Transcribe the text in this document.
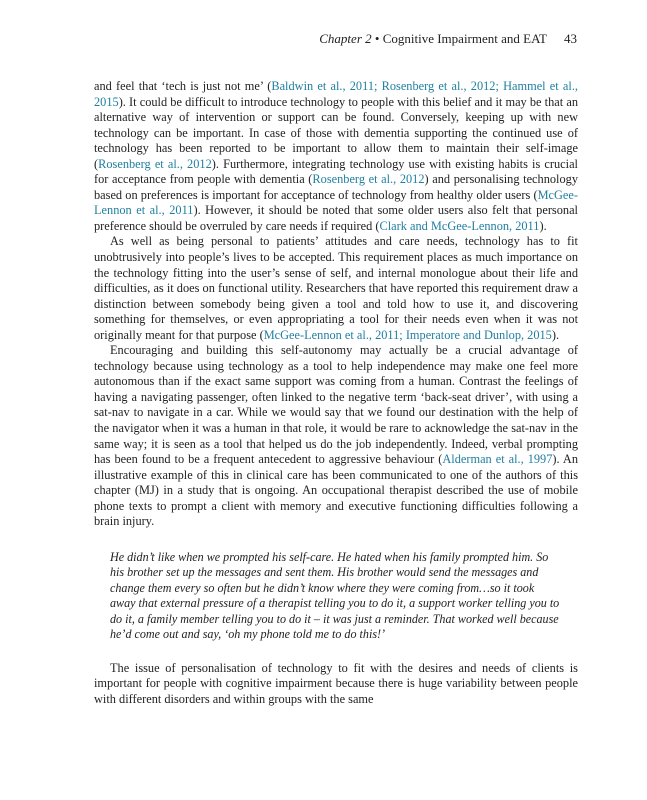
Chapter 2 • Cognitive Impairment and EAT 43

and feel that ‘tech is just not me’ (Baldwin et al., 2011; Rosenberg et al., 2012; Hammel et al., 2015). It could be difficult to introduce technology to people with this belief and it may be that an alternative way of intervention or support can be found. Conversely, keeping up with new technology can be important. In case of those with dementia supporting the continued use of technology has been reported to be important to allow them to maintain their self-image (Rosenberg et al., 2012). Furthermore, integrating technology use with existing habits is crucial for acceptance from people with dementia (Rosenberg et al., 2012) and personalising technology based on preferences is important for acceptance of technology from healthy older users (McGee-Lennon et al., 2011). However, it should be noted that some older users also felt that personal preference should be overruled by care needs if required (Clark and McGee-Lennon, 2011).

As well as being personal to patients’ attitudes and care needs, technology has to fit unobtrusively into people’s lives to be accepted. This requirement places as much importance on the technology fitting into the user’s sense of self, and internal monologue about their life and difficulties, as it does on functional utility. Researchers that have reported this requirement draw a distinction between somebody being given a tool and told how to use it, and discovering something for themselves, or even appropriating a tool for their needs even when it was not originally meant for that purpose (McGee-Lennon et al., 2011; Imperatore and Dunlop, 2015).

Encouraging and building this self-autonomy may actually be a crucial advantage of technology because using technology as a tool to help independence may make one feel more autonomous than if the exact same support was coming from a human. Contrast the feelings of having a navigating passenger, often linked to the negative term ‘back-seat driver’, with using a sat-nav to navigate in a car. While we would say that we found our destination with the help of the navigator when it was a human in that role, it would be rare to acknowledge the sat-nav in the same way; it is seen as a tool that helped us do the job independently. Indeed, verbal prompting has been found to be a frequent antecedent to aggressive behaviour (Alderman et al., 1997). An illustrative example of this in clinical care has been communicated to one of the authors of this chapter (MJ) in a study that is ongoing. An occupational therapist described the use of mobile phone texts to prompt a client with memory and executive functioning difficulties following a brain injury.

He didn’t like when we prompted his self-care. He hated when his family prompted him. So his brother set up the messages and sent them. His brother would send the messages and change them every so often but he didn’t know where they were coming from…so it took away that external pressure of a therapist telling you to do it, a support worker telling you to do it, a family member telling you to do it – it was just a reminder. That worked well because he’d come out and say, ‘oh my phone told me to do this!’

The issue of personalisation of technology to fit with the desires and needs of clients is important for people with cognitive impairment because there is huge variability between people with different disorders and within groups with the same
